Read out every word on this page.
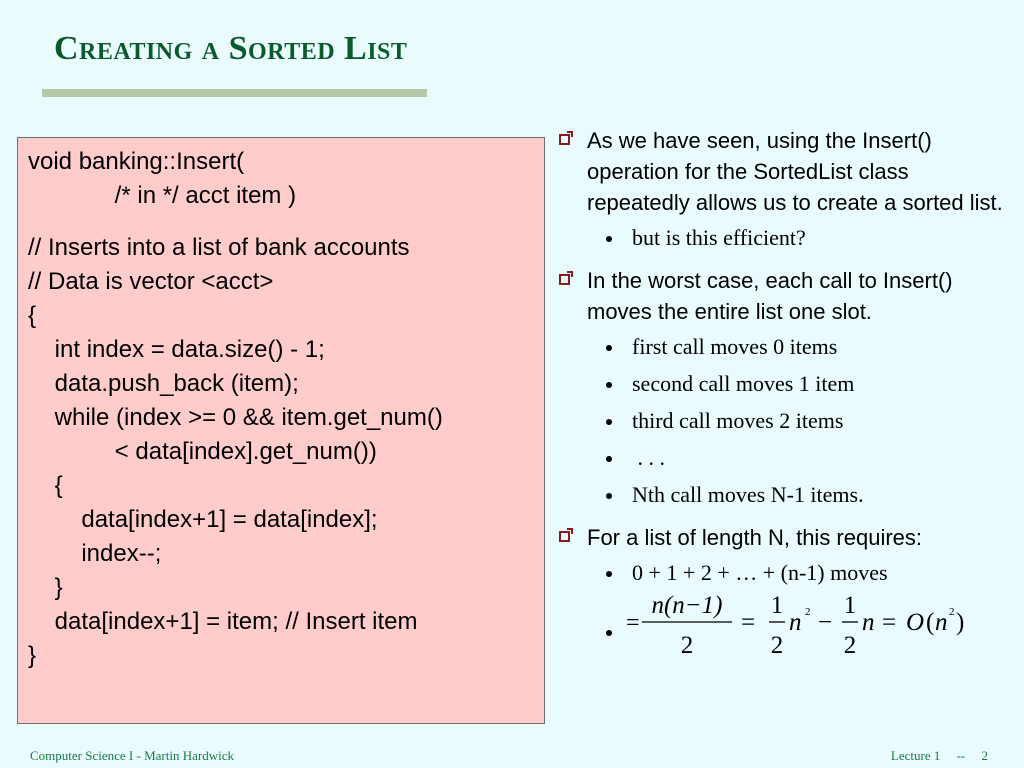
Creating a Sorted List
void banking::Insert(
/* in */ acct item )
// Inserts into a list of bank accounts
// Data is vector <acct>
{
int index = data.size() - 1;
data.push_back (item);
while (index >= 0 && item.get_num()
< data[index].get_num())
{
data[index+1] = data[index];
index--;
}
data[index+1] = item; // Insert item
}
As we have seen, using the Insert() operation for the SortedList class repeatedly allows us to create a sorted list.
but is this efficient?
In the worst case, each call to Insert() moves the entire list one slot.
first call moves 0 items
second call moves 1 item
third call moves 2 items
. . .
Nth call moves N-1 items.
For a list of length N, this requires:
0 + 1 + 2 + … + (n-1) moves
=
n(n−1)
2
=
1
2
n 2 −
1
2
n = O ( n 2 )
Computer Science I - Martin Hardwick	Lecture 1     --     2
